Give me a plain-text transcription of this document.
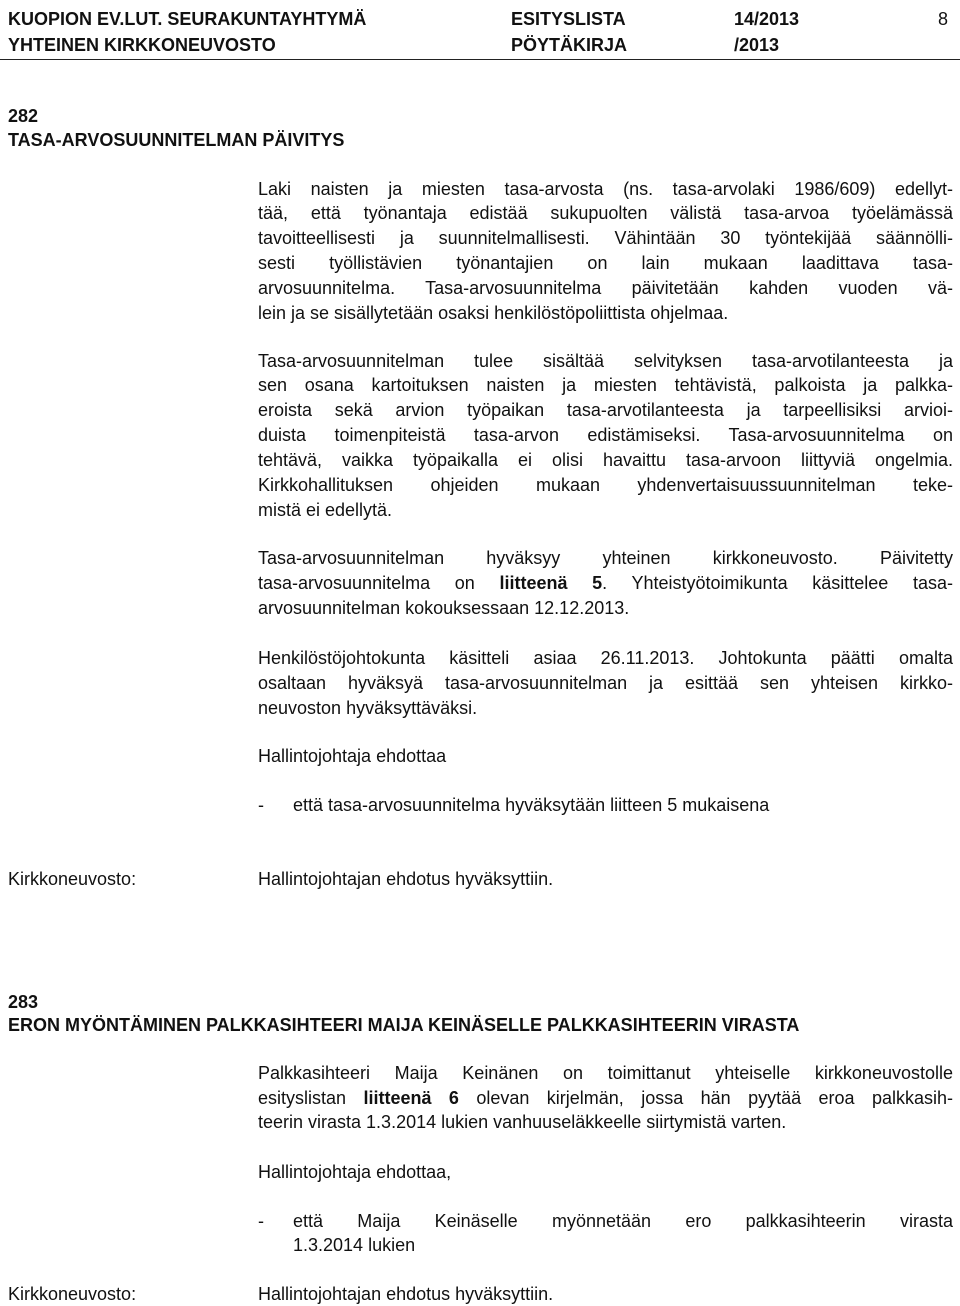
KUOPION EV.LUT. SEURAKUNTAYHTYMÄ
YHTEINEN KIRKKONEUVOSTO
ESITYSLISTA
PÖYTÄKIRJA
14/2013
/2013
8
282
TASA-ARVOSUUNNITELMAN PÄIVITYS
Laki naisten ja miesten tasa-arvosta (ns. tasa-arvolaki 1986/609) edellyt-
tää, että työnantaja edistää sukupuolten välistä tasa-arvoa työelämässä
tavoitteellisesti ja suunnitelmallisesti. Vähintään 30 työntekijää säännölli-
sesti työllistävien työnantajien on lain mukaan laadittava tasa-
arvosuunnitelma. Tasa-arvosuunnitelma päivitetään kahden vuoden vä-
lein ja se sisällytetään osaksi henkilöstöpoliittista ohjelmaa.
Tasa-arvosuunnitelman tulee sisältää selvityksen tasa-arvotilanteesta ja
sen osana kartoituksen naisten ja miesten tehtävistä, palkoista ja palkka-
eroista sekä arvion työpaikan tasa-arvotilanteesta ja tarpeellisiksi arvioi-
duista toimenpiteistä tasa-arvon edistämiseksi. Tasa-arvosuunnitelma on
tehtävä, vaikka työpaikalla ei olisi havaittu tasa-arvoon liittyviä ongelmia.
Kirkkohallituksen ohjeiden mukaan yhdenvertaisuussuunnitelman teke-
mistä ei edellytä.
Tasa-arvosuunnitelman hyväksyy yhteinen kirkkoneuvosto. Päivitetty
tasa-arvosuunnitelma on liitteenä 5. Yhteistyötoimikunta käsittelee tasa-
arvosuunnitelman kokouksessaan 12.12.2013.
Henkilöstöjohtokunta käsitteli asiaa 26.11.2013. Johtokunta päätti omalta
osaltaan hyväksyä tasa-arvosuunnitelman ja esittää sen yhteisen kirkko-
neuvoston hyväksyttäväksi.
Hallintojohtaja ehdottaa
- että tasa-arvosuunnitelma hyväksytään liitteen 5 mukaisena
Kirkkoneuvosto:	Hallintojohtajan ehdotus hyväksyttiin.
283
ERON MYÖNTÄMINEN PALKKASIHTEERI MAIJA KEINÄSELLE PALKKASIHTEERIN VIRASTA
Palkkasihteeri Maija Keinänen on toimittanut yhteiselle kirkkoneuvostolle
esityslistan liitteenä 6 olevan kirjelmän, jossa hän pyytää eroa palkkasih-
teerin virasta 1.3.2014 lukien vanhuuseläkkeelle siirtymistä varten.
Hallintojohtaja ehdottaa,
- että Maija Keinäselle myönnetään ero palkkasihteerin virasta
1.3.2014 lukien
Kirkkoneuvosto:	Hallintojohtajan ehdotus hyväksyttiin.
